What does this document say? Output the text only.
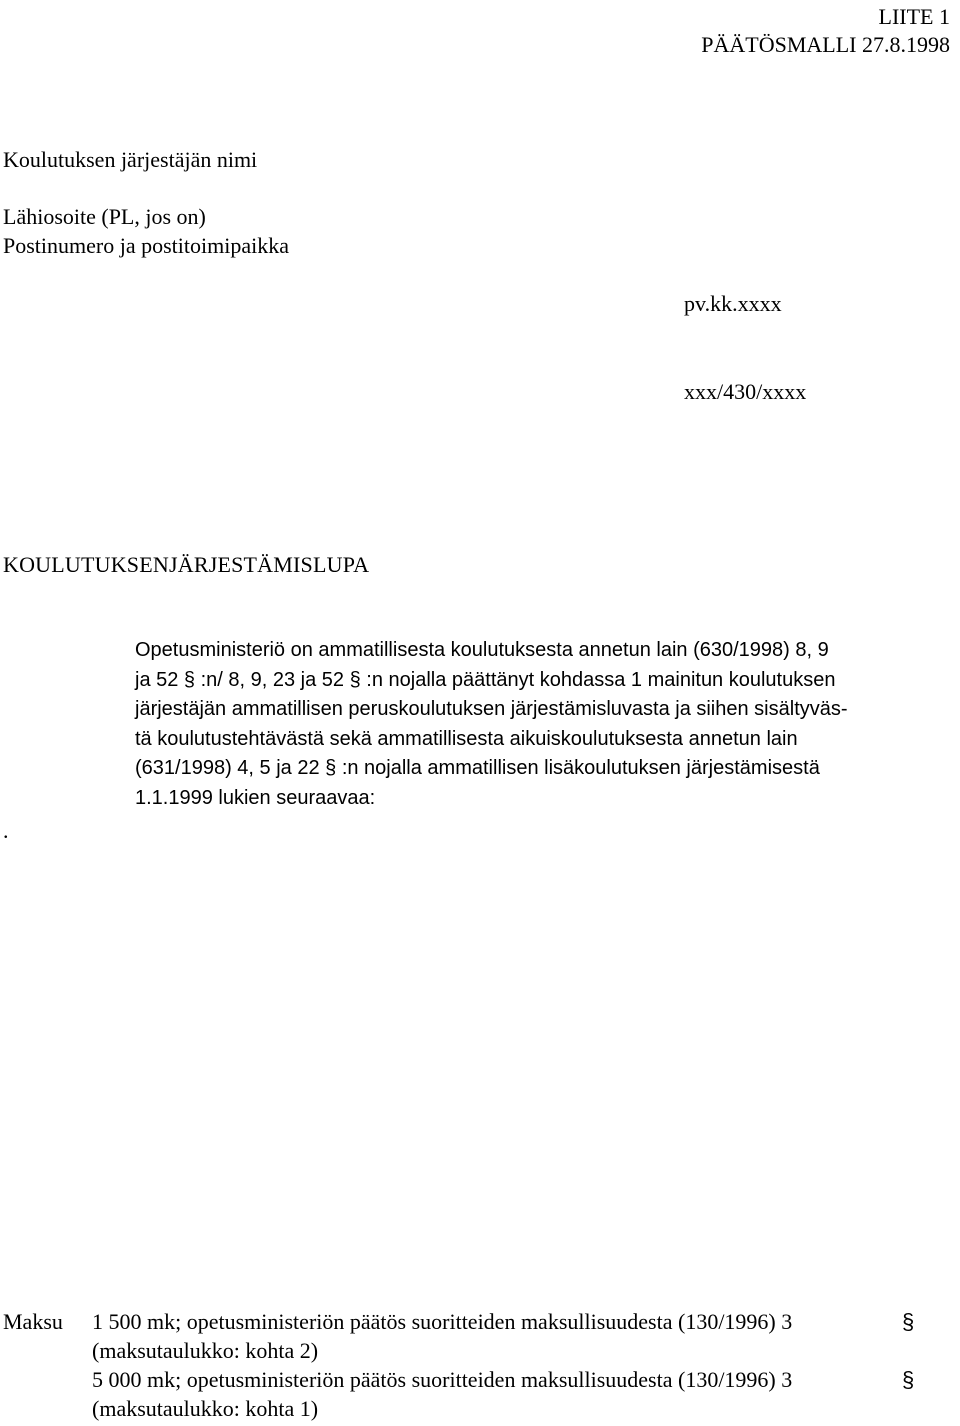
LIITE 1
PÄÄTÖSMALLI 27.8.1998
Koulutuksen järjestäjän nimi
Lähiosoite (PL, jos on)
Postinumero ja postitoimipaikka
pv.kk.xxxx
xxx/430/xxxx
KOULUTUKSENJÄRJESTÄMISLUPA
.
Opetusministeriö on ammatillisesta koulutuksesta annetun lain (630/1998) 8, 9
ja 52 § :n/ 8, 9, 23 ja 52 § :n nojalla päättänyt kohdassa 1 mainitun koulutuksen
järjestäjän ammatillisen peruskoulutuksen järjestämisluvasta ja siihen sisältyväs-
tä koulutustehtävästä sekä ammatillisesta aikuiskoulutuksesta annetun lain
(631/1998) 4, 5 ja 22 § :n nojalla ammatillisen lisäkoulutuksen järjestämisestä
1.1.1999 lukien seuraavaa:
Maksu 1 500 mk; opetusministeriön päätös suoritteiden maksullisuudesta (130/1996) 3	§
(maksutaulukko: kohta 2)
5 000 mk; opetusministeriön päätös suoritteiden maksullisuudesta (130/1996) 3	§
(maksutaulukko: kohta 1)
